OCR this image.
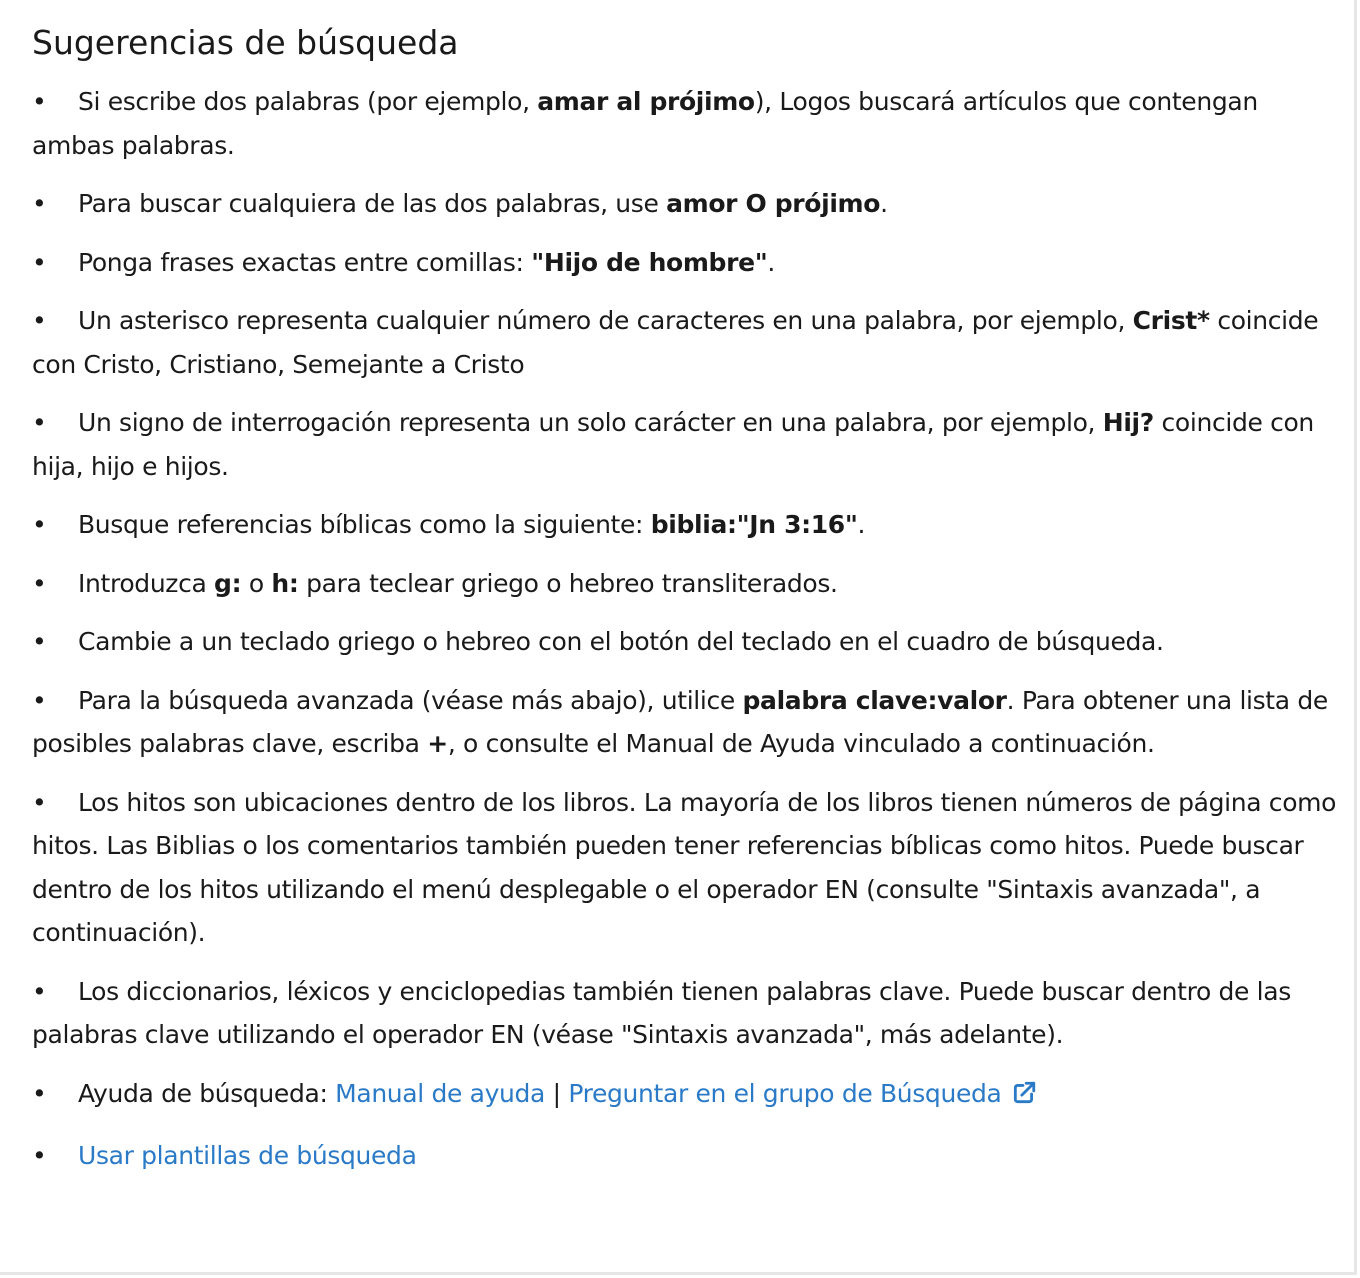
Sugerencias de búsqueda
• Si escribe dos palabras (por ejemplo, amar al prójimo), Logos buscará artículos que contengan ambas palabras.
• Para buscar cualquiera de las dos palabras, use amor O prójimo.
• Ponga frases exactas entre comillas: "Hijo de hombre".
• Un asterisco representa cualquier número de caracteres en una palabra, por ejemplo, Crist* coincide con Cristo, Cristiano, Semejante a Cristo
• Un signo de interrogación representa un solo carácter en una palabra, por ejemplo, Hij? coincide con hija, hijo e hijos.
• Busque referencias bíblicas como la siguiente: biblia:"Jn 3:16".
• Introduzca g: o h: para teclear griego o hebreo transliterados.
• Cambie a un teclado griego o hebreo con el botón del teclado en el cuadro de búsqueda.
• Para la búsqueda avanzada (véase más abajo), utilice palabra clave:valor. Para obtener una lista de posibles palabras clave, escriba +, o consulte el Manual de Ayuda vinculado a continuación.
• Los hitos son ubicaciones dentro de los libros. La mayoría de los libros tienen números de página como hitos. Las Biblias o los comentarios también pueden tener referencias bíblicas como hitos. Puede buscar dentro de los hitos utilizando el menú desplegable o el operador EN (consulte "Sintaxis avanzada", a continuación).
• Los diccionarios, léxicos y enciclopedias también tienen palabras clave. Puede buscar dentro de las palabras clave utilizando el operador EN (véase "Sintaxis avanzada", más adelante).
• Ayuda de búsqueda: Manual de ayuda | Preguntar en el grupo de Búsqueda
• Usar plantillas de búsqueda
